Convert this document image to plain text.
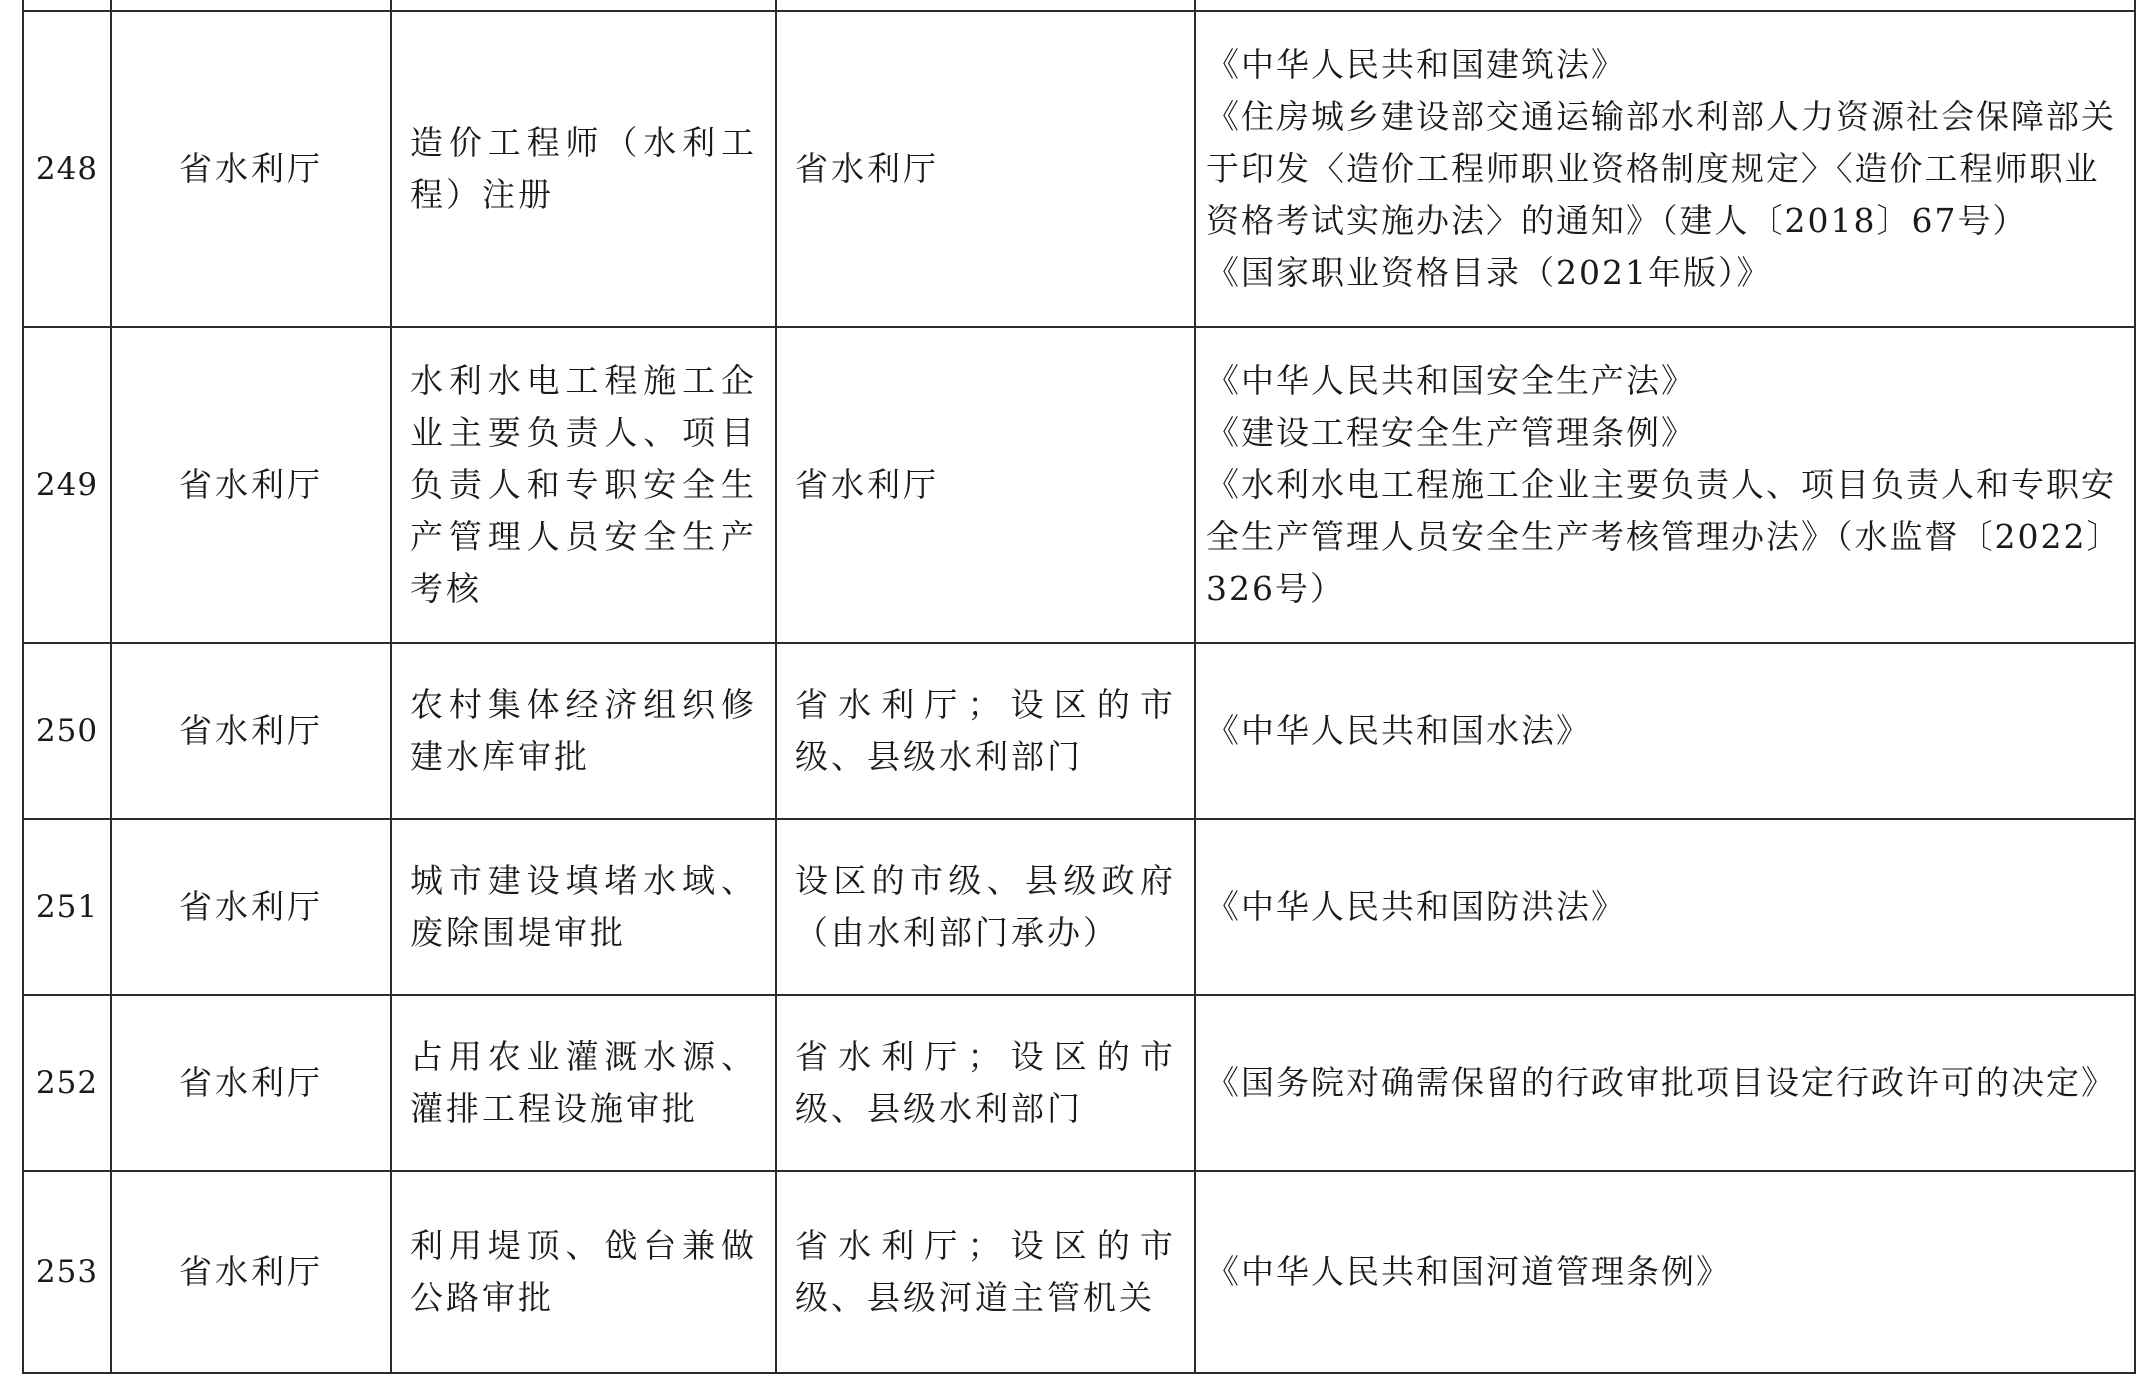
248	省水利厅	造价工程师（水利工程）注册	省水利厅	《中华人民共和国建筑法》
《住房城乡建设部交通运输部水利部人力资源社会保障部关于印发〈造价工程师职业资格制度规定〉〈造价工程师职业资格考试实施办法〉的通知》（建人〔2018〕67号）
《国家职业资格目录（2021年版）》

249	省水利厅	水利水电工程施工企业主要负责人、项目负责人和专职安全生产管理人员安全生产考核	省水利厅	《中华人民共和国安全生产法》
《建设工程安全生产管理条例》
《水利水电工程施工企业主要负责人、项目负责人和专职安全生产管理人员安全生产考核管理办法》（水监督〔2022〕326号）

250	省水利厅	农村集体经济组织修建水库审批	省水利厅；设区的市级、县级水利部门	《中华人民共和国水法》

251	省水利厅	城市建设填堵水域、废除围堤审批	设区的市级、县级政府（由水利部门承办）	《中华人民共和国防洪法》

252	省水利厅	占用农业灌溉水源、灌排工程设施审批	省水利厅；设区的市级、县级水利部门	《国务院对确需保留的行政审批项目设定行政许可的决定》

253	省水利厅	利用堤顶、戗台兼做公路审批	省水利厅；设区的市级、县级河道主管机关	《中华人民共和国河道管理条例》
